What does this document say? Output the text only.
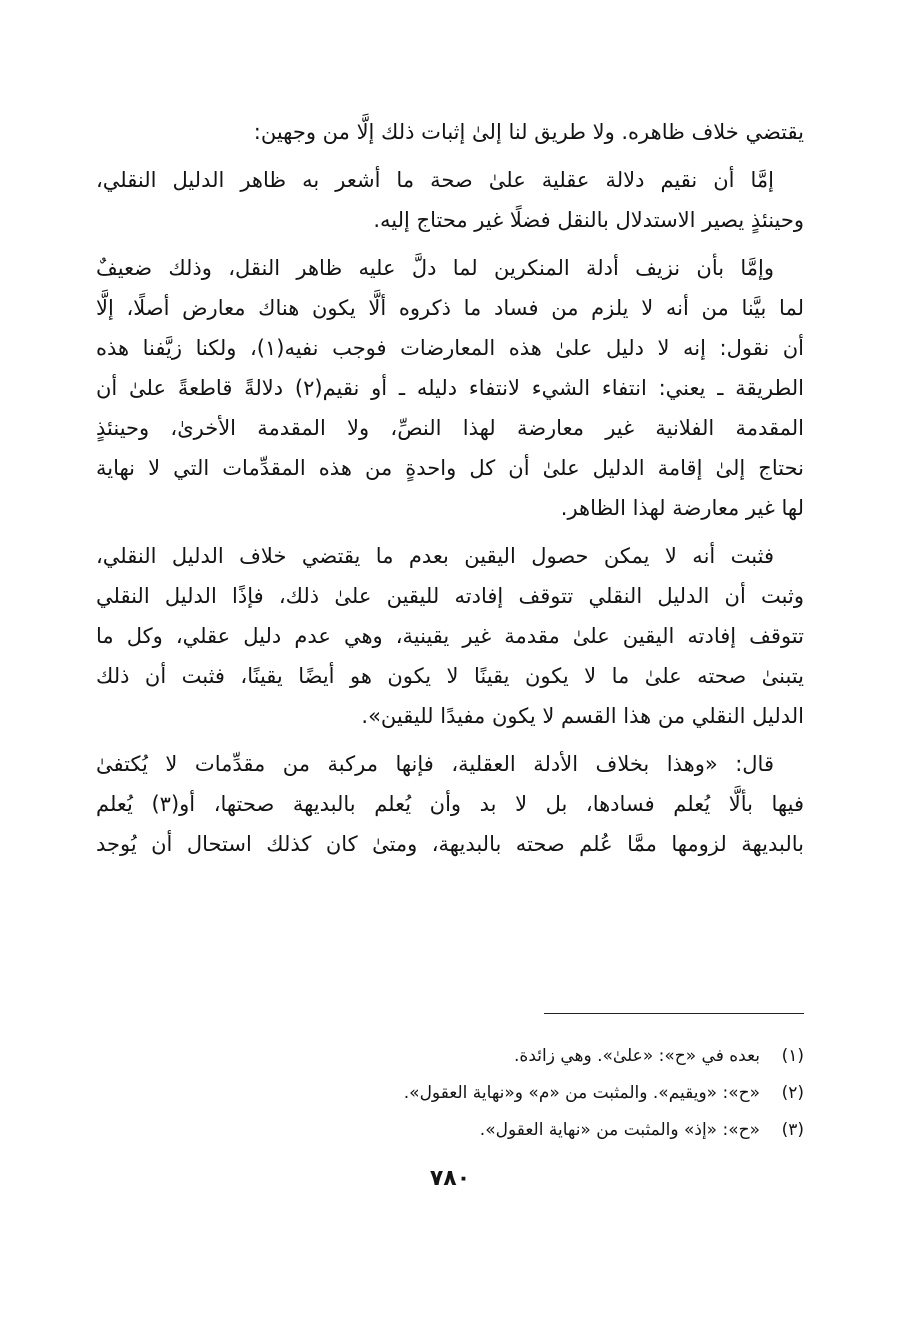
يقتضي خلاف ظاهره. ولا طريق لنا إلىٰ إثبات ذلك إلَّا من وجهين:

إمَّا أن نقيم دلالة عقلية علىٰ صحة ما أشعر به ظاهر الدليل النقلي،
وحينئذٍ يصير الاستدلال بالنقل فضلًا غير محتاج إليه.

وإمَّا بأن نزيف أدلة المنكرين لما دلَّ عليه ظاهر النقل، وذلك ضعيفٌ
لما بيَّنا من أنه لا يلزم من فساد ما ذكروه ألَّا يكون هناك معارض أصلًا، إلَّا
أن نقول: إنه لا دليل علىٰ هذه المعارضات فوجب نفيه(١)، ولكنا زيَّفنا هذه
الطريقة ـ يعني: انتفاء الشيء لانتفاء دليله ـ أو نقيم(٢) دلالةً قاطعةً علىٰ أن
المقدمة الفلانية غير معارضة لهذا النصِّ، ولا المقدمة الأخرىٰ، وحينئذٍ
نحتاج إلىٰ إقامة الدليل علىٰ أن كل واحدةٍ من هذه المقدِّمات التي لا نهاية
لها غير معارضة لهذا الظاهر.

فثبت أنه لا يمكن حصول اليقين بعدم ما يقتضي خلاف الدليل النقلي،
وثبت أن الدليل النقلي تتوقف إفادته لليقين علىٰ ذلك، فإذًا الدليل النقلي
تتوقف إفادته اليقين علىٰ مقدمة غير يقينية، وهي عدم دليل عقلي، وكل ما
يتبنىٰ صحته علىٰ ما لا يكون يقينًا لا يكون هو أيضًا يقينًا، فثبت أن ذلك
الدليل النقلي من هذا القسم لا يكون مفيدًا لليقين».

قال: «وهذا بخلاف الأدلة العقلية، فإنها مركبة من مقدِّمات لا يُكتفىٰ
فيها بألَّا يُعلم فسادها، بل لا بد وأن يُعلم بالبديهة صحتها، أو(٣) يُعلم
بالبديهة لزومها ممَّا عُلم صحته بالبديهة، ومتىٰ كان كذلك استحال أن يُوجد

(١)بعده في «ح»: «علىٰ». وهي زائدة.
(٢)«ح»: «ويقيم». والمثبت من «م» و«نهاية العقول».
(٣)«ح»: «إذ» والمثبت من «نهاية العقول».
٧٨٠
